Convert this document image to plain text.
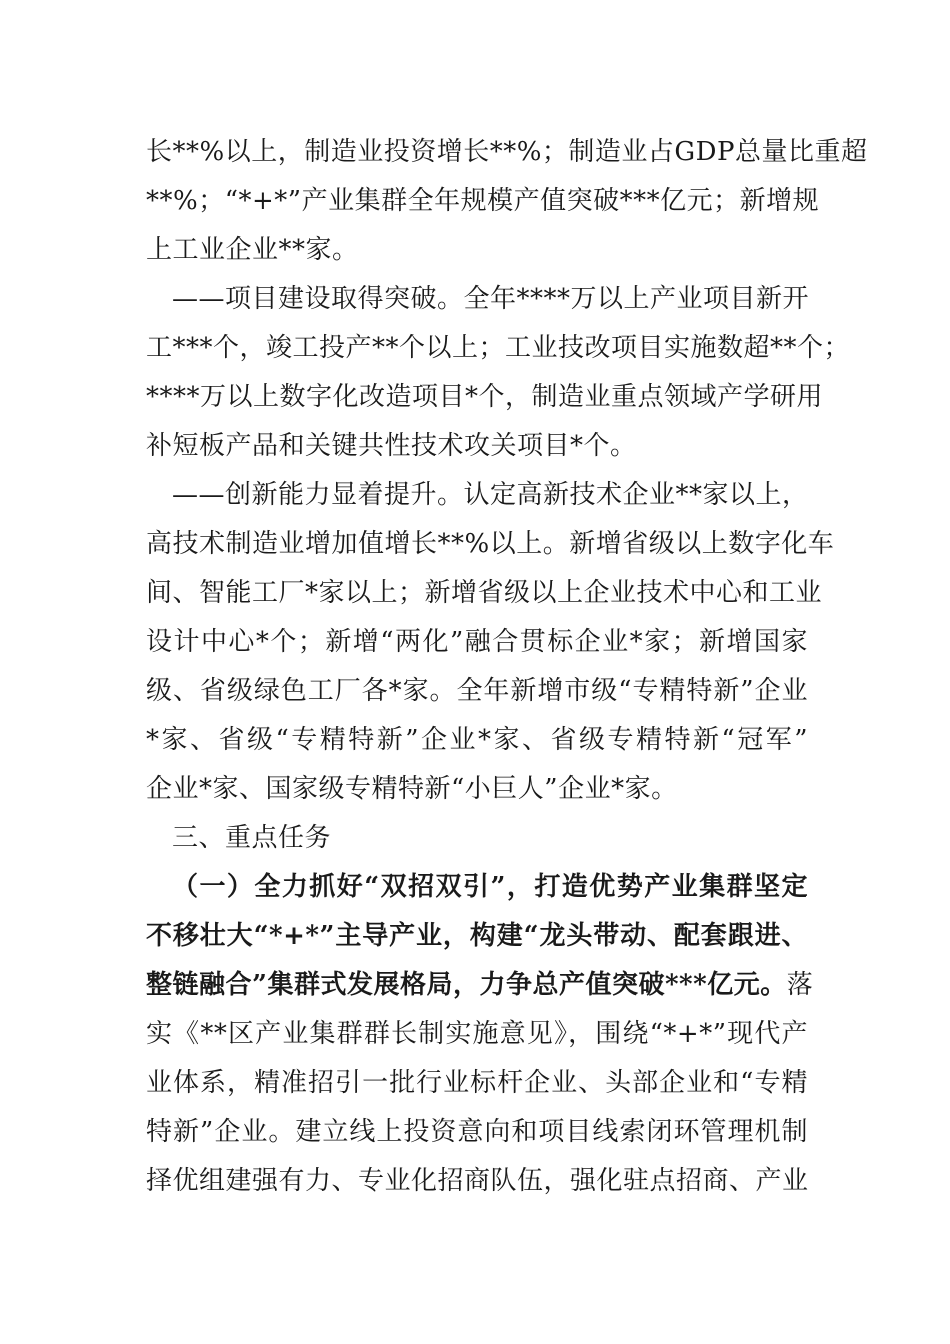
长**%以上，制造业投资增长**%；制造业占GDP总量比重超
**%；“*+*”产业集群全年规模产值突破***亿元；新增规
上工业企业**家。
——项目建设取得突破。全年****万以上产业项目新开
工***个，竣工投产**个以上；工业技改项目实施数超**个；
****万以上数字化改造项目*个，制造业重点领域产学研用
补短板产品和关键共性技术攻关项目*个。
——创新能力显着提升。认定高新技术企业**家以上，
高技术制造业增加值增长**%以上。新增省级以上数字化车
间、智能工厂*家以上；新增省级以上企业技术中心和工业
设计中心*个；新增“两化”融合贯标企业*家；新增国家
级、省级绿色工厂各*家。全年新增市级“专精特新”企业
*家、省级“专精特新”企业*家、省级专精特新“冠军”
企业*家、国家级专精特新“小巨人”企业*家。
三、重点任务
（一）全力抓好“双招双引”，打造优势产业集群坚定
不移壮大“*+*”主导产业，构建“龙头带动、配套跟进、
整链融合”集群式发展格局，力争总产值突破***亿元。落
实《**区产业集群群长制实施意见》，围绕“*+*”现代产
业体系，精准招引一批行业标杆企业、头部企业和“专精
特新”企业。建立线上投资意向和项目线索闭环管理机制
择优组建强有力、专业化招商队伍，强化驻点招商、产业
